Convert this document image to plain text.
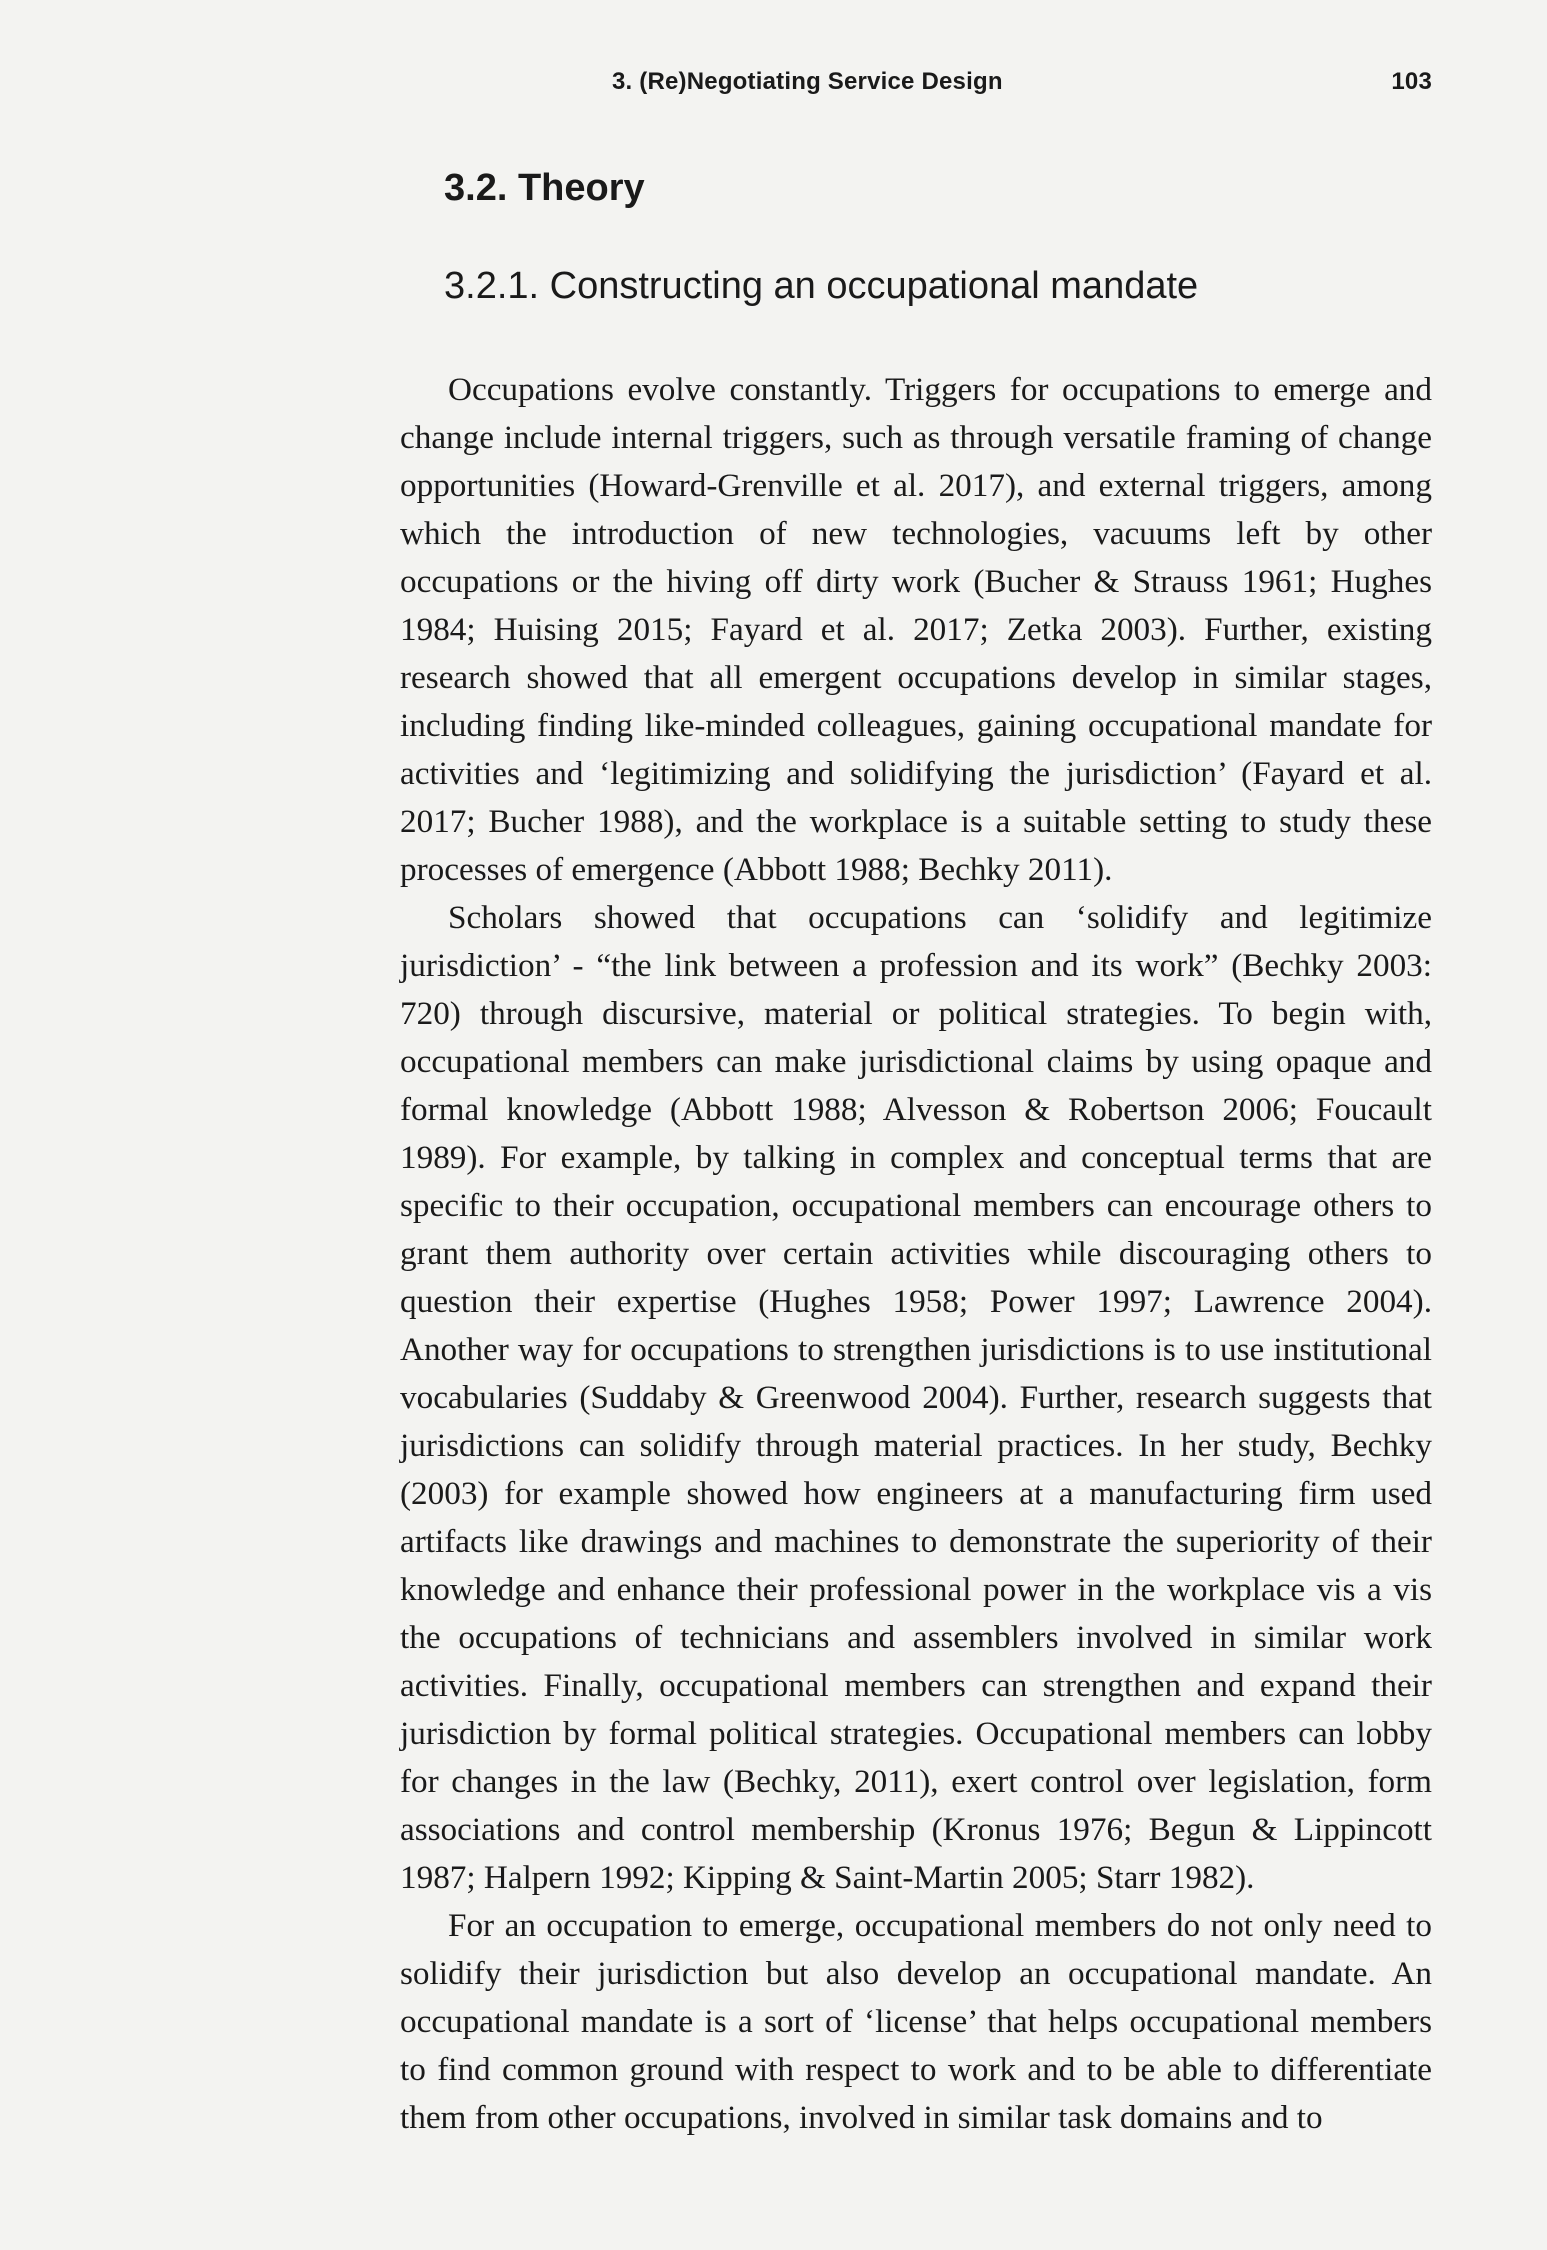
3. (Re)Negotiating Service Design	103
3.2. Theory
3.2.1. Constructing an occupational mandate

Occupations evolve constantly. Triggers for occupations to emerge and change include internal triggers, such as through versatile framing of change opportunities (Howard-Grenville et al. 2017), and external triggers, among which the introduction of new technologies, vacuums left by other occupations or the hiving off dirty work (Bucher & Strauss 1961; Hughes 1984; Huising 2015; Fayard et al. 2017; Zetka 2003). Further, existing research showed that all emergent occupations develop in similar stages, including finding like-minded colleagues, gaining occupational mandate for activities and ‘legitimizing and solidifying the jurisdiction’ (Fayard et al. 2017; Bucher 1988), and the workplace is a suitable setting to study these processes of emergence (Abbott 1988; Bechky 2011).

Scholars showed that occupations can ‘solidify and legitimize jurisdiction’ - “the link between a profession and its work” (Bechky 2003: 720) through discursive, material or political strategies. To begin with, occupational members can make jurisdictional claims by using opaque and formal knowledge (Abbott 1988; Alvesson & Robertson 2006; Foucault 1989). For example, by talking in complex and conceptual terms that are specific to their occupation, occupational members can encourage others to grant them authority over certain activities while discouraging others to question their expertise (Hughes 1958; Power 1997; Lawrence 2004). Another way for occupations to strengthen jurisdictions is to use institutional vocabularies (Suddaby & Greenwood 2004). Further, research suggests that jurisdictions can solidify through material practices. In her study, Bechky (2003) for example showed how engineers at a manufacturing firm used artifacts like drawings and machines to demonstrate the superiority of their knowledge and enhance their professional power in the workplace vis a vis the occupations of technicians and assemblers involved in similar work activities. Finally, occupational members can strengthen and expand their jurisdiction by formal political strategies. Occupational members can lobby for changes in the law (Bechky, 2011), exert control over legislation, form associations and control membership (Kronus 1976; Begun & Lippincott 1987; Halpern 1992; Kipping & Saint-Martin 2005; Starr 1982).

For an occupation to emerge, occupational members do not only need to solidify their jurisdiction but also develop an occupational mandate. An occupational mandate is a sort of ‘license’ that helps occupational members to find common ground with respect to work and to be able to differentiate them from other occupations, involved in similar task domains and to
